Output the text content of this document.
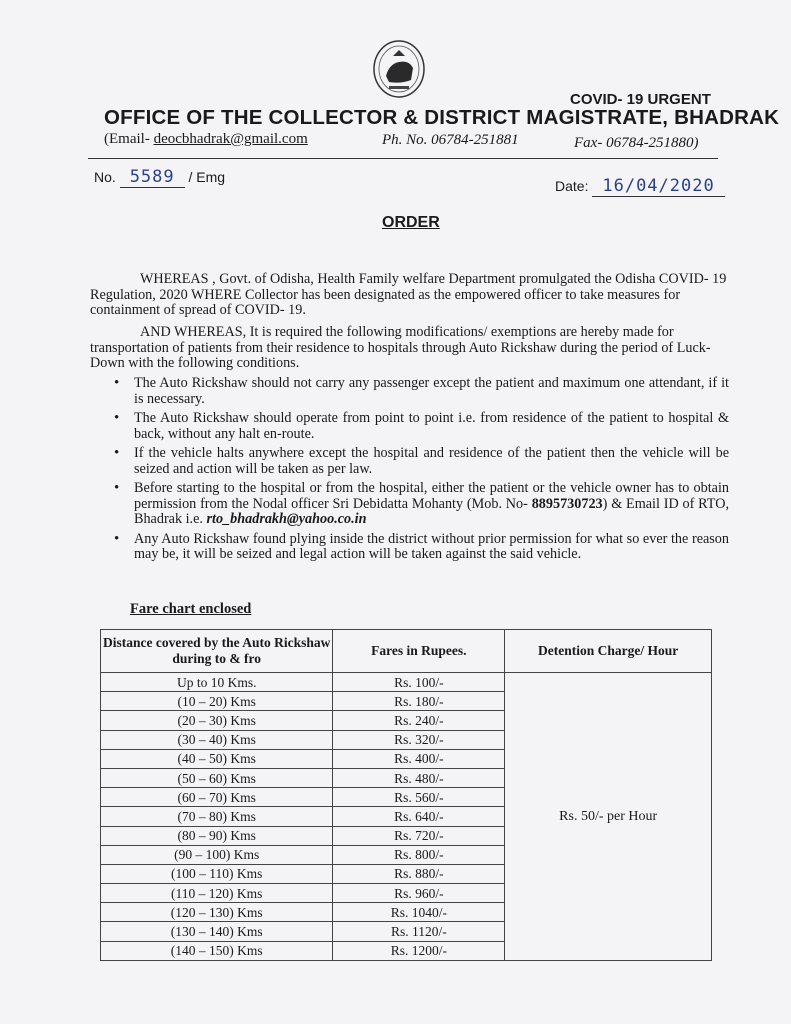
COVID- 19 URGENT
OFFICE OF THE COLLECTOR & DISTRICT MAGISTRATE, BHADRAK
(Email- deocbhadrak@gmail.com	Ph. No. 06784-251881	Fax- 06784-251880)
No. 5589 / Emg
Date: 16/04/2020
ORDER

WHEREAS , Govt. of Odisha, Health Family welfare Department promulgated the Odisha COVID- 19 Regulation, 2020 WHERE Collector has been designated as the empowered officer to take measures for containment of spread of COVID- 19.

AND WHEREAS, It is required the following modifications/ exemptions are hereby made for transportation of patients from their residence to hospitals through Auto Rickshaw during the period of Luck- Down with the following conditions.

• The Auto Rickshaw should not carry any passenger except the patient and maximum one attendant, if it is necessary.
• The Auto Rickshaw should operate from point to point i.e. from residence of the patient to hospital & back, without any halt en-route.
• If the vehicle halts anywhere except the hospital and residence of the patient then the vehicle will be seized and action will be taken as per law.
• Before starting to the hospital or from the hospital, either the patient or the vehicle owner has to obtain permission from the Nodal officer Sri Debidatta Mohanty (Mob. No- 8895730723) & Email ID of RTO, Bhadrak i.e. rto_bhadrakh@yahoo.co.in
• Any Auto Rickshaw found plying inside the district without prior permission for what so ever the reason may be, it will be seized and legal action will be taken against the said vehicle.
Fare chart enclosed
Distance covered by the Auto Rickshaw during to & fro	Fares in Rupees.	Detention Charge/ Hour
Up to 10 Kms.	Rs. 100/-	Rs. 50/- per Hour
(10 – 20) Kms	Rs. 180/-	
(20 – 30) Kms	Rs. 240/-	
(30 – 40) Kms	Rs. 320/-	
(40 – 50) Kms	Rs. 400/-	
(50 – 60) Kms	Rs. 480/-	
(60 – 70) Kms	Rs. 560/-	
(70 – 80) Kms	Rs. 640/-	
(80 – 90) Kms	Rs. 720/-	
(90 – 100) Kms	Rs. 800/-	
(100 – 110) Kms	Rs. 880/-	
(110 – 120) Kms	Rs. 960/-	
(120 – 130) Kms	Rs. 1040/-	
(130 – 140) Kms	Rs. 1120/-	
(140 – 150) Kms	Rs. 1200/-	
